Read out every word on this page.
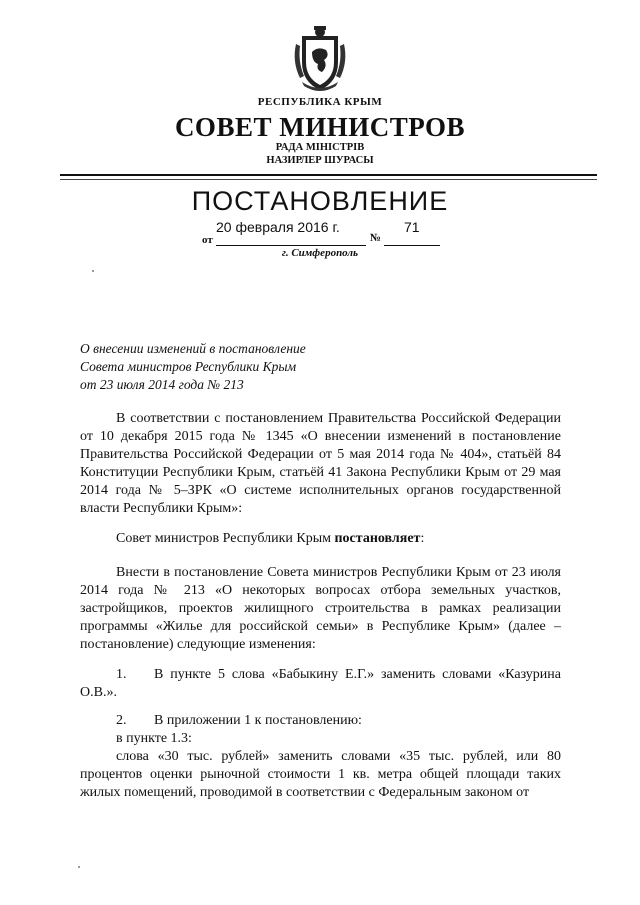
РЕСПУБЛИКА КРЫМ
СОВЕТ МИНИСТРОВ
РАДА МІНІСТРІВ
НАЗИРЛЕР ШУРАСЫ
ПОСТАНОВЛЕНИЕ
20 февраля 2016 г.	71
от	№
г. Симферополь
О внесении изменений в постановление
Совета министров Республики Крым
от 23 июля 2014 года № 213
В соответствии с постановлением Правительства Российской Федерации от 10 декабря 2015 года № 1345 «О внесении изменений в постановление Правительства Российской Федерации от 5 мая 2014 года № 404», статьёй 84 Конституции Республики Крым, статьёй 41 Закона Республики Крым от 29 мая 2014 года № 5–ЗРК «О системе исполнительных органов государственной власти Республики Крым»:
Совет министров Республики Крым постановляет:
Внести в постановление Совета министров Республики Крым от 23 июля 2014 года № 213 «О некоторых вопросах отбора земельных участков, застройщиков, проектов жилищного строительства в рамках реализации программы «Жилье для российской семьи» в Республике Крым» (далее – постановление) следующие изменения:
1. В пункте 5 слова «Бабыкину Е.Г.» заменить словами «Казурина О.В.».
2. В приложении 1 к постановлению:
в пункте 1.3:
слова «30 тыс. рублей» заменить словами «35 тыс. рублей, или 80 процентов оценки рыночной стоимости 1 кв. метра общей площади таких жилых помещений, проводимой в соответствии с Федеральным законом от
